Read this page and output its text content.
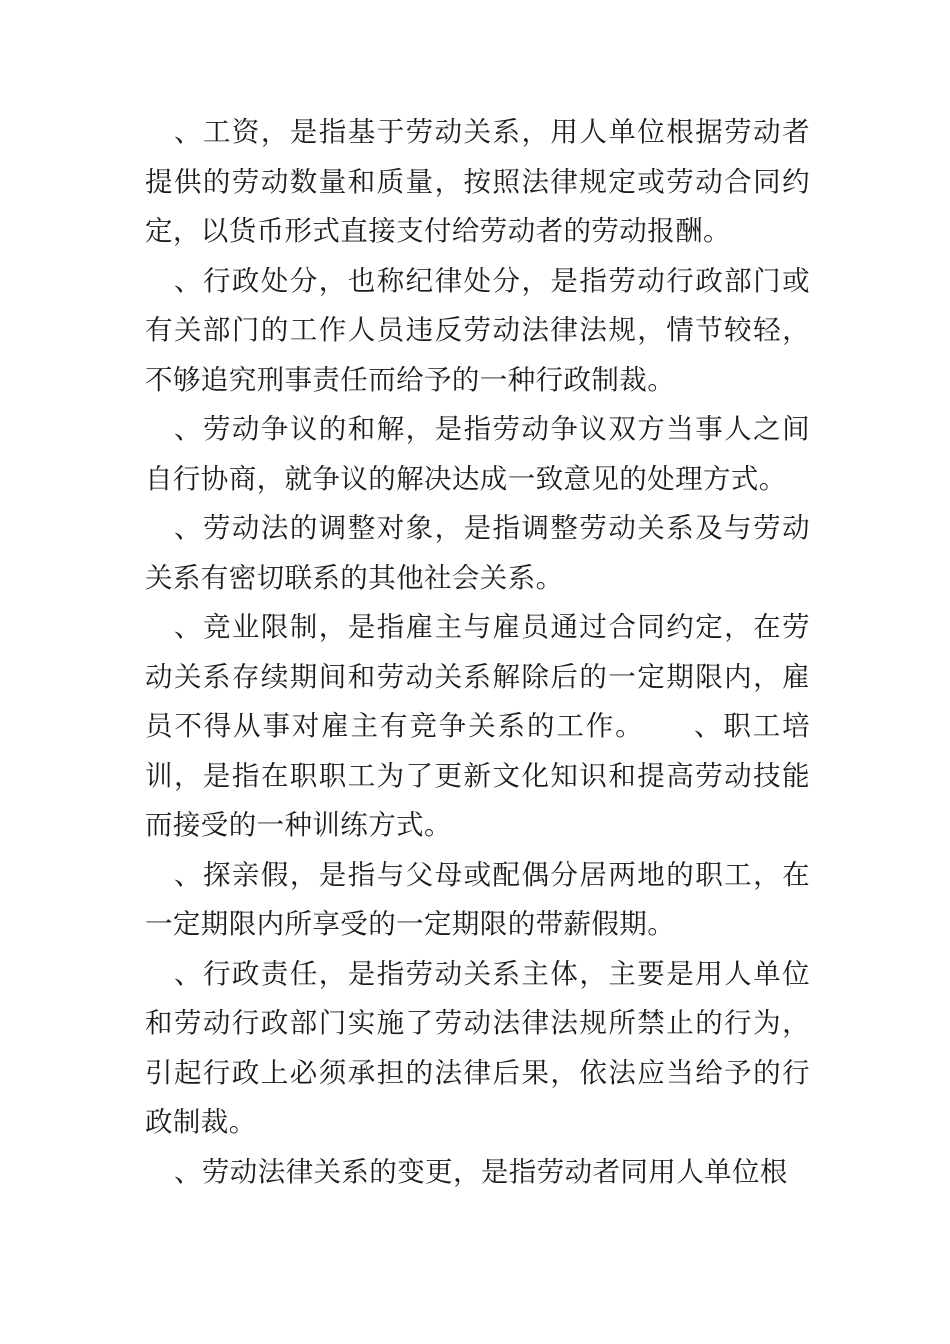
、工资，是指基于劳动关系，用人单位根据劳动者提供的劳动数量和质量，按照法律规定或劳动合同约定，以货币形式直接支付给劳动者的劳动报酬。

、行政处分，也称纪律处分，是指劳动行政部门或有关部门的工作人员违反劳动法律法规，情节较轻，不够追究刑事责任而给予的一种行政制裁。

、劳动争议的和解，是指劳动争议双方当事人之间自行协商，就争议的解决达成一致意见的处理方式。

、劳动法的调整对象，是指调整劳动关系及与劳动关系有密切联系的其他社会关系。

、竞业限制，是指雇主与雇员通过合同约定，在劳动关系存续期间和劳动关系解除后的一定期限内，雇员不得从事对雇主有竞争关系的工作。 、职工培训，是指在职职工为了更新文化知识和提高劳动技能而接受的一种训练方式。

、探亲假，是指与父母或配偶分居两地的职工，在一定期限内所享受的一定期限的带薪假期。

、行政责任，是指劳动关系主体，主要是用人单位和劳动行政部门实施了劳动法律法规所禁止的行为，引起行政上必须承担的法律后果，依法应当给予的行政制裁。

、劳动法律关系的变更，是指劳动者同用人单位根
